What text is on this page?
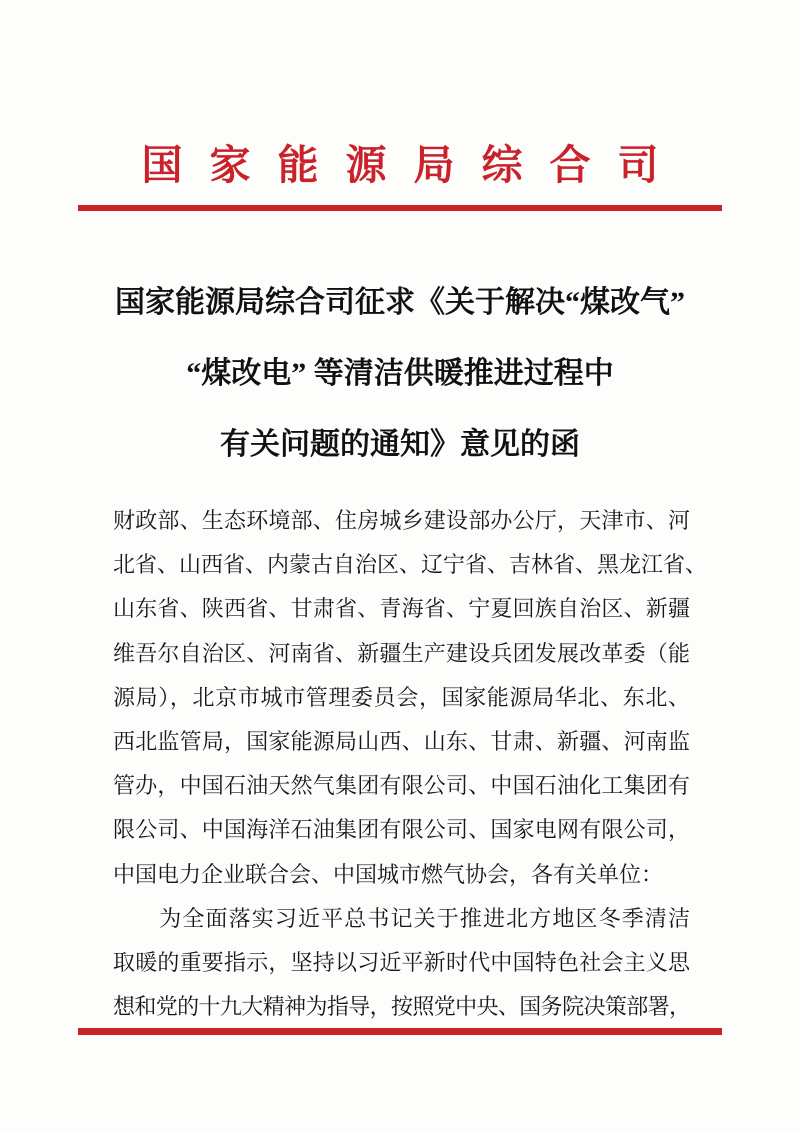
国家能源局综合司
国家能源局综合司征求《关于解决“煤改气”
“煤改电” 等清洁供暖推进过程中
有关问题的通知》意见的函
财政部、生态环境部、住房城乡建设部办公厅，天津市、河
北省、山西省、内蒙古自治区、辽宁省、吉林省、黑龙江省、
山东省、陕西省、甘肃省、青海省、宁夏回族自治区、新疆
维吾尔自治区、河南省、新疆生产建设兵团发展改革委（能
源局），北京市城市管理委员会，国家能源局华北、东北、
西北监管局，国家能源局山西、山东、甘肃、新疆、河南监
管办，中国石油天然气集团有限公司、中国石油化工集团有
限公司、中国海洋石油集团有限公司、国家电网有限公司，
中国电力企业联合会、中国城市燃气协会，各有关单位：
　　为全面落实习近平总书记关于推进北方地区冬季清洁
取暖的重要指示，坚持以习近平新时代中国特色社会主义思
想和党的十九大精神为指导，按照党中央、国务院决策部署，
